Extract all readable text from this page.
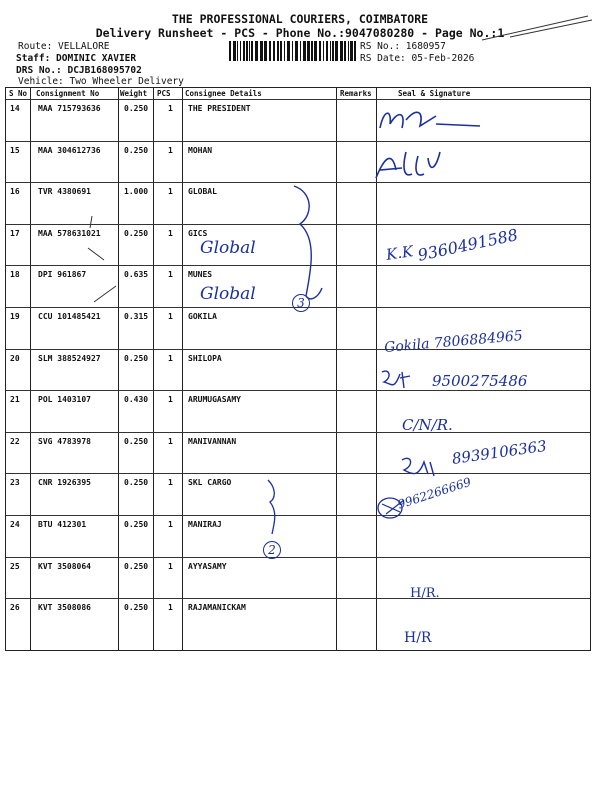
THE PROFESSIONAL COURIERS, COIMBATORE
Delivery Runsheet - PCS - Phone No.:9047080280 - Page No.:1
Route: VELLALORE
Staff: DOMINIC XAVIER
DRS No.: DCJB168095702
Vehicle: Two Wheeler Delivery
RS No.: 1680957
RS Date: 05-Feb-2026
S No Consignment No	Weight PCS Consignee Details	Remarks	Seal & Signature
14 MAA 715793636	0.250 1 THE PRESIDENT
15 MAA 304612736	0.250 1 MOHAN
16 TVR 4380691	1.000 1 GLOBAL
17 MAA 578631021	0.250 1 GICS
18 DPI 961867	0.635 1 MUNES
19 CCU 101485421	0.315 1 GOKILA
20 SLM 388524927	0.250 1 SHILOPA
21 POL 1403107	0.430 1 ARUMUGASAMY
22 SVG 4783978	0.250 1 MANIVANNAN
23 CNR 1926395	0.250 1 SKL CARGO
24 BTU 412301	0.250 1 MANIRAJ
25 KVT 3508064	0.250 1 AYYASAMY
26 KVT 3508086	0.250 1 RAJAMANICKAM
3
Global
Global
K.K 9360491588
Gokila 7806884965
9500275486
C/N/R.
8939106363
9962266669
2
H/R.
H/R
